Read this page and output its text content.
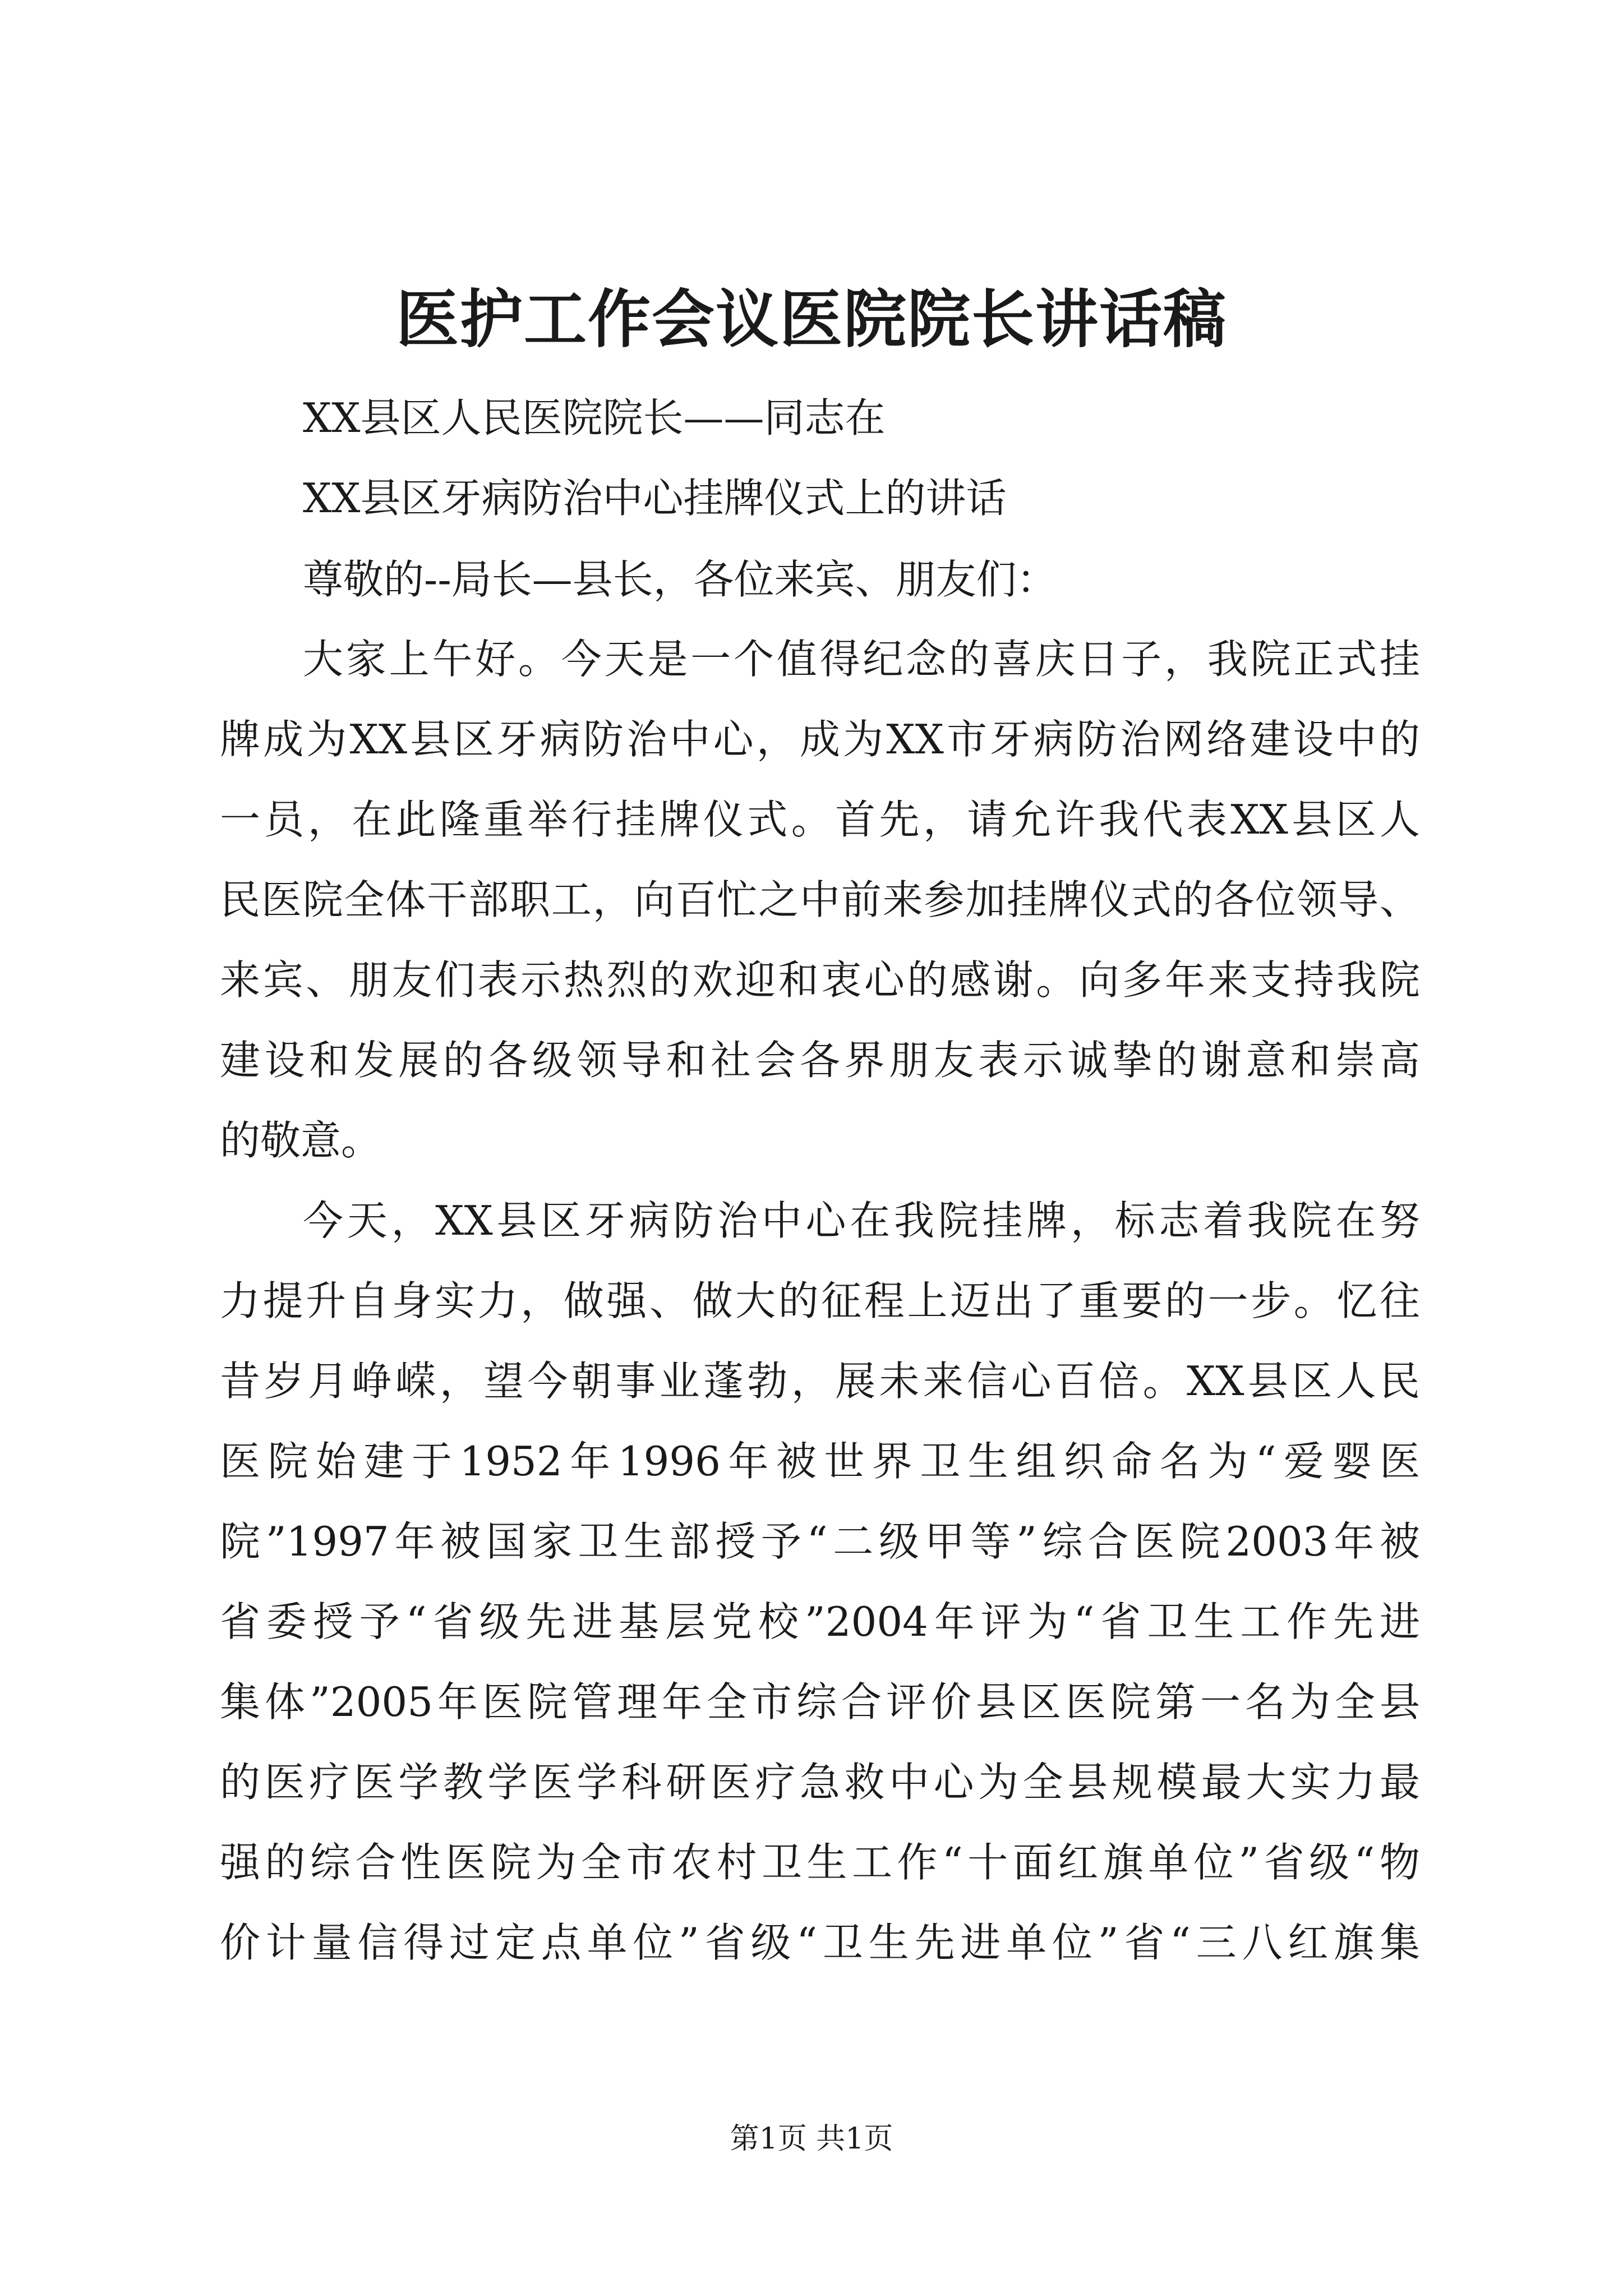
医护工作会议医院院长讲话稿
XX县区人民医院院长——同志在
XX县区牙病防治中心挂牌仪式上的讲话
尊敬的--局长—县长，各位来宾、朋友们：
大家上午好。今天是一个值得纪念的喜庆日子，我院正式挂
牌成为XX县区牙病防治中心，成为XX市牙病防治网络建设中的
一员，在此隆重举行挂牌仪式。首先，请允许我代表XX县区人
民医院全体干部职工，向百忙之中前来参加挂牌仪式的各位领导、
来宾、朋友们表示热烈的欢迎和衷心的感谢。向多年来支持我院
建设和发展的各级领导和社会各界朋友表示诚挚的谢意和崇高
的敬意。
今天，XX县区牙病防治中心在我院挂牌，标志着我院在努
力提升自身实力，做强、做大的征程上迈出了重要的一步。忆往
昔岁月峥嵘，望今朝事业蓬勃，展未来信心百倍。XX县区人民
医院始建于1952年1996年被世界卫生组织命名为“爱婴医
院”1997年被国家卫生部授予“二级甲等”综合医院2003年被
省委授予“省级先进基层党校”2004年评为“省卫生工作先进
集体”2005年医院管理年全市综合评价县区医院第一名为全县
的医疗医学教学医学科研医疗急救中心为全县规模最大实力最
强的综合性医院为全市农村卫生工作“十面红旗单位”省级“物
价计量信得过定点单位”省级“卫生先进单位”省“三八红旗集
第1页 共1页
